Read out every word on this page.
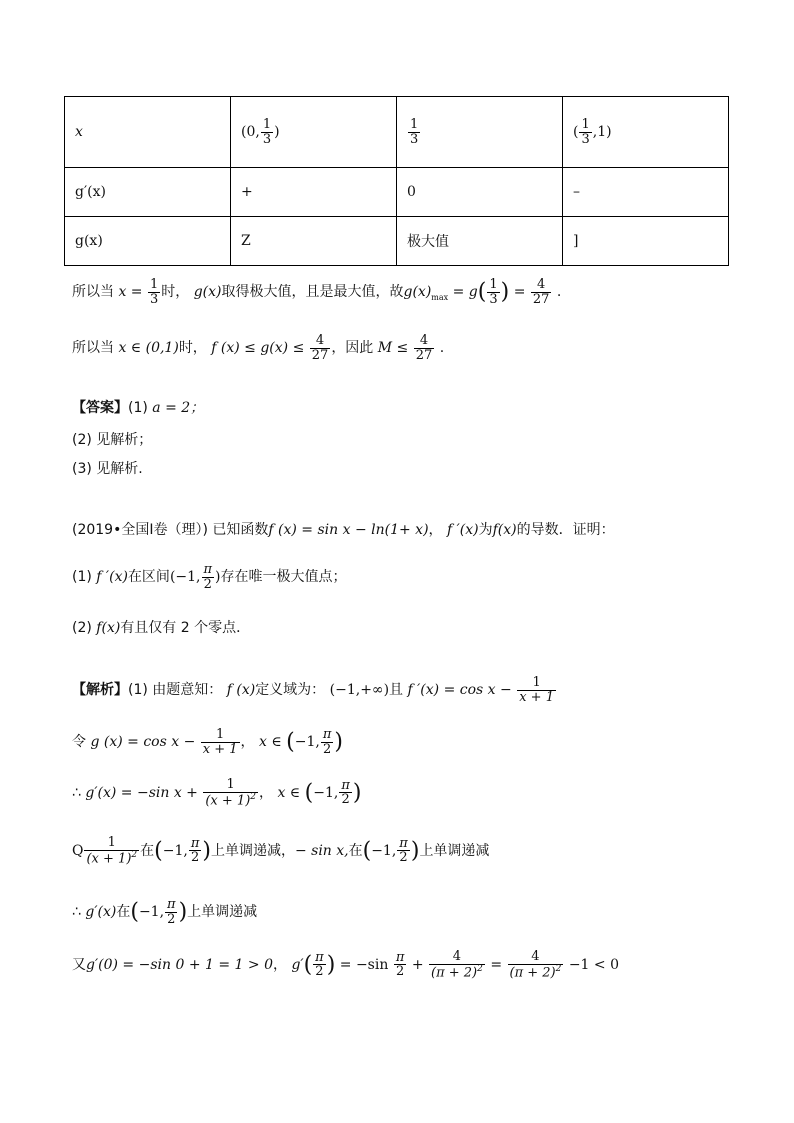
x	(0, $\frac{1}{3}$ )	$\frac{1}{3}$	( $\frac{1}{3} ,1$)
g′(x)	+	0	–
g(x)	Z	极大值	]
所以当 $x = \frac{1}{3}$ 时， g(x)取得极大值，且是最大值，故$g(x)_{max} = g( \frac{1}{3}$ ) = $\frac{4}{27}$ .
所以当 x ∈ (0,1)时， f $(x) \le g(x) \le \frac{4}{27}$ ，因此 $M \le \frac{4}{27}$ .
【答案】(1) a = 2；
(2) 见解析；
(3) 见解析.
(2019•全国I卷（理）) 已知函数f (x) = sin x − ln(1+ x)， f ′(x)为f(x)的导数．证明：
(1) f ′(x)在区间(−1, $\frac{\pi}{2}$ )存在唯一极大值点；
(2) f(x)有且仅有 2 个零点．
【解析】(1) 由题意知： f (x)定义域为： (−1,+∞)且 f $'(x) = \cos x - \frac{1}{x + 1}$
令 g $(x) = \cos x - \frac{1}{x + 1}$ ， x ∈ (−1, $\frac{\pi}{2}$ )
∴ g′(x) = −sin $x + \frac{1}{(x + 1)^2}$ ， x ∈ (−1, $\frac{\pi}{2}$ )
Q $\frac{1}{(x + 1)^2}$ 在(−1, $\frac{\pi}{2}$ )上单调递减，− sin x,在(−1, $\frac{\pi}{2}$ )上单调递减
∴ g′(x)在(−1, $\frac{\pi}{2}$ )上单调递减
又g′(0) = −sin 0 + 1 = 1 > 0， $g'( \frac{\pi}{2}$ ) = $-\sin \frac{\pi}{2} + \frac{4}{(\pi + 2)^2} = \frac{4}{(\pi + 2)^2} -1 < 0$
